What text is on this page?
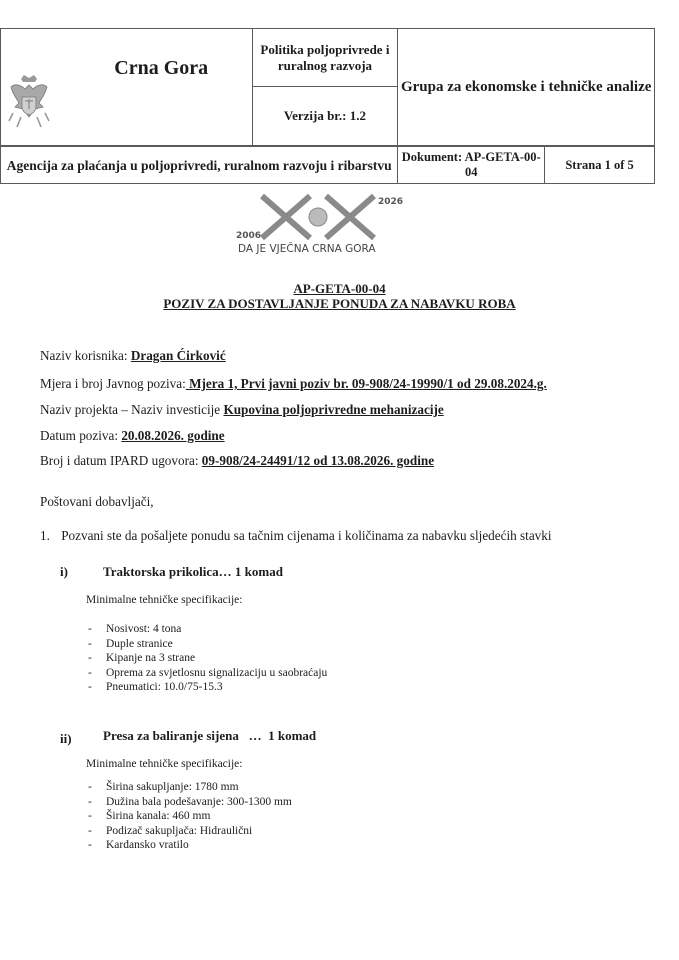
Crna Gora
	Politika poljoprivrede i ruralnog razvoja	Grupa za ekonomske i tehničke analize
Verzija br.: 1.2
Agencija za plaćanja u poljoprivredi, ruralnom razvoju i ribarstvu	Dokument: AP-GETA-00-04	Strana 1 of 5
2006
2026
DA JE VJEČNA CRNA GORA
AP-GETA-00-04
POZIV ZA DOSTAVLJANJE PONUDA ZA NABAVKU ROBA
Naziv korisnika: Dragan Ćirković
Mjera i broj Javnog poziva: Mjera 1, Prvi javni poziv br. 09-908/24-19990/1 od 29.08.2024.g.
Naziv projekta – Naziv investicije Kupovina poljoprivredne mehanizacije
Datum poziva: 20.08.2026. godine
Broj i datum IPARD ugovora: 09-908/24-24491/12 od 13.08.2026. godine
Poštovani dobavljači,
1. Pozvani ste da pošaljete ponudu sa tačnim cijenama i količinama za nabavku sljedećih stavki
i)	Traktorska prikolica… 1 komad
Minimalne tehničke specifikacije:
- Nosivost: 4 tona
- Duple stranice
- Kipanje na 3 strane
- Oprema za svjetlosnu signalizaciju u saobraćaju
- Pneumatici: 10.0/75-15.3
ii) Presa za baliranje sijena   …  1 komad
Minimalne tehničke specifikacije:
- Širina sakupljanje: 1780 mm
- Dužina bala podešavanje: 300-1300 mm
- Širina kanala: 460 mm
- Podizač sakupljača: Hidraulični
- Kardansko vratilo
